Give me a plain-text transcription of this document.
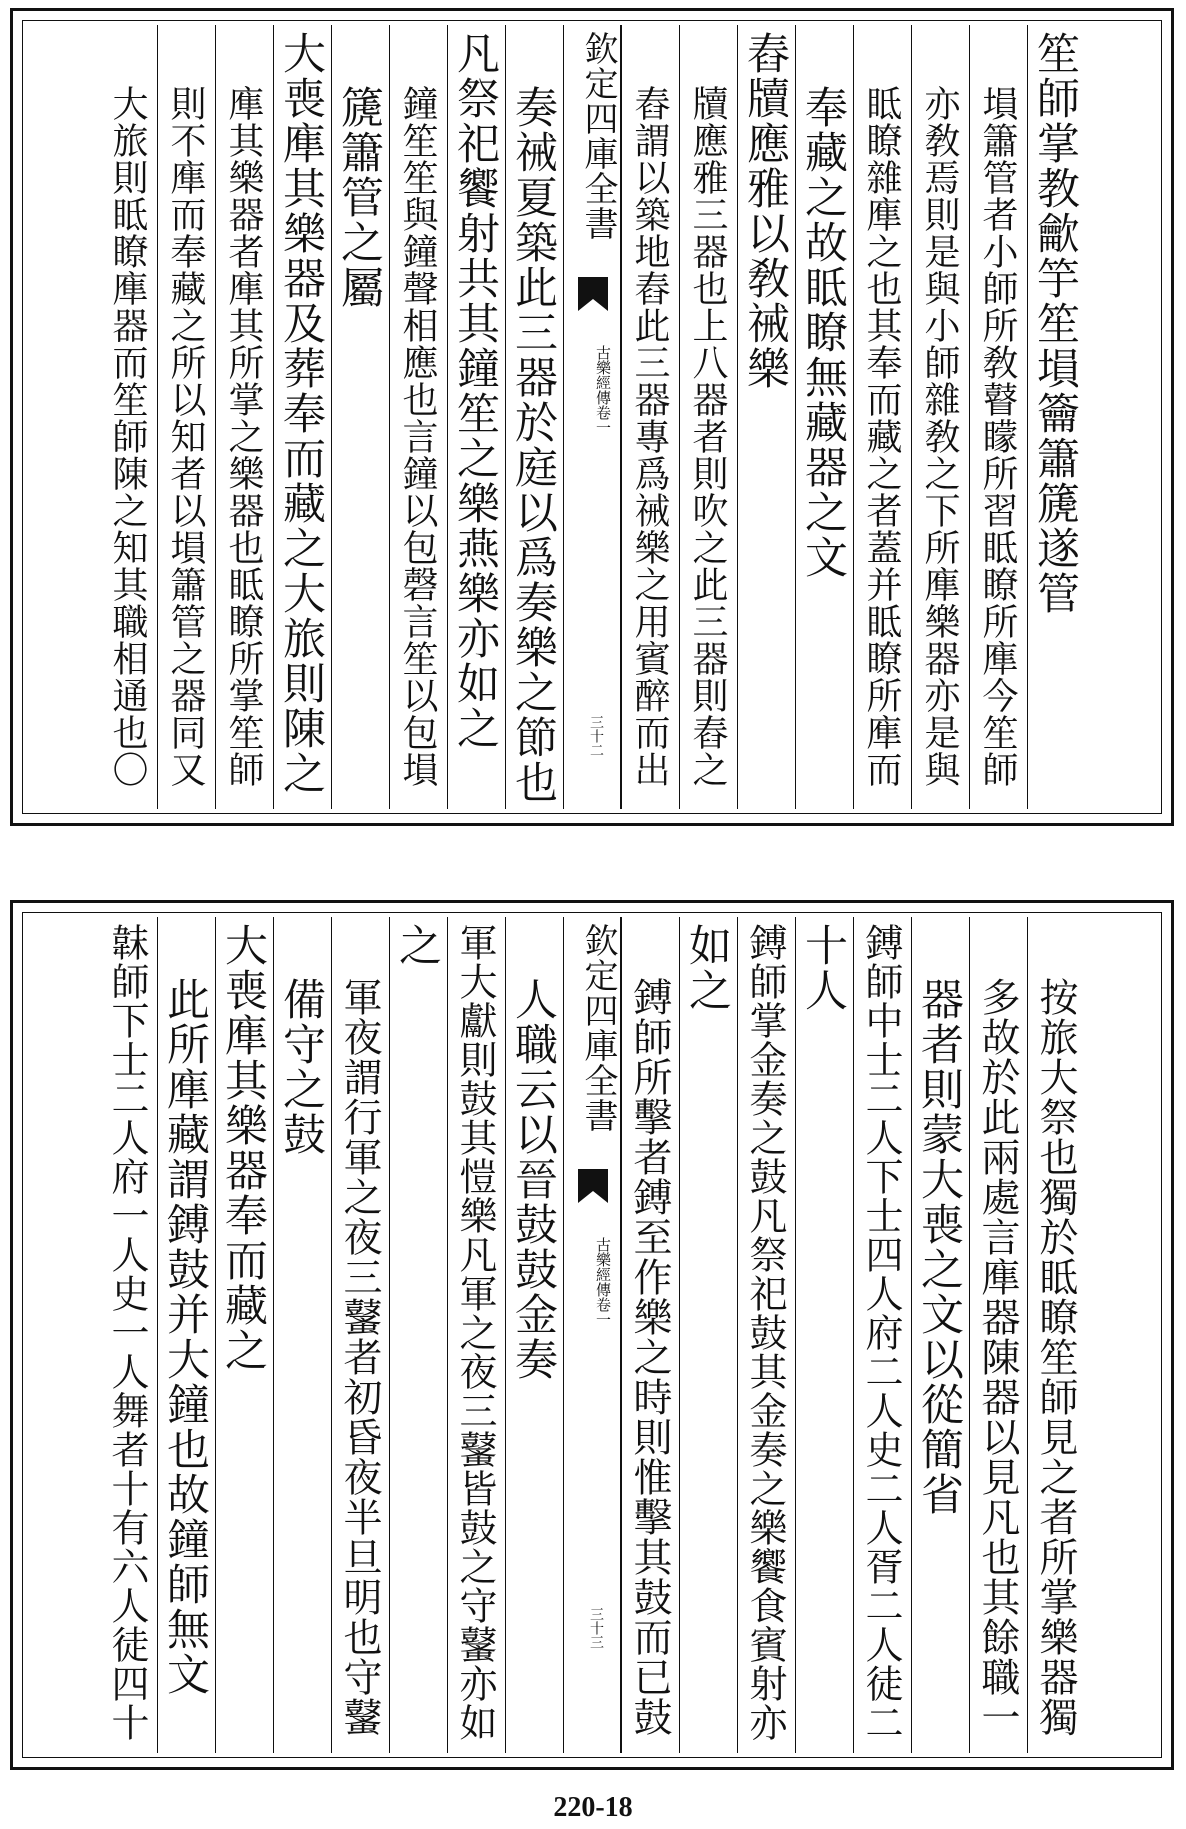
笙師掌教龡竽笙塤籥簫篪遂管
塤簫管者小師所敎瞽矇所習眡瞭所㢑今笙師
亦敎焉則是與小師雜敎之下所㢑樂器亦是與
眡瞭雜㢑之也其奉而藏之者蓋并眡瞭所㢑而
奉藏之故眡瞭無藏器之文
舂牘應雅以敎祴樂
牘應雅三器也上八器者則吹之此三器則舂之
舂謂以築地舂此三器專爲祴樂之用賓醉而出
欽定四庫全書
古樂經傳卷一
三十二
奏祴夏築此三器於庭以爲奏樂之節也
凡祭祀饗射共其鐘笙之樂燕樂亦如之
鐘笙笙與鐘聲相應也言鐘以包磬言笙以包塤
篪簫管之屬
大喪㢑其樂器及葬奉而藏之大旅則陳之
㢑其樂器者㢑其所掌之樂器也眡瞭所掌笙師
則不㢑而奉藏之所以知者以塤簫管之器同又
大旅則眡瞭㢑器而笙師陳之知其職相通也〇
按旅大祭也獨於眡瞭笙師見之者所掌樂器獨
多故於此兩處言㢑器陳器以見凡也其餘職一
器者則蒙大喪之文以從簡省
鎛師中士二人下士四人府二人史二人胥二人徒二
十人
鎛師掌金奏之鼓凡祭祀鼓其金奏之樂饗食賓射亦
如之
鎛師所擊者鎛至作樂之時則惟擊其鼓而已鼓
欽定四庫全書
古樂經傳卷一
三十三
人職云以晉鼓鼓金奏
軍大獻則鼓其愷樂凡軍之夜三鼜皆鼓之守鼜亦如
之
軍夜謂行軍之夜三鼜者初昏夜半旦明也守鼜
備守之鼓
大喪㢑其樂器奉而藏之
此所㢑藏謂鎛鼓并大鐘也故鐘師無文
韎師下士二人府一人史一人舞者十有六人徒四十
220-18
